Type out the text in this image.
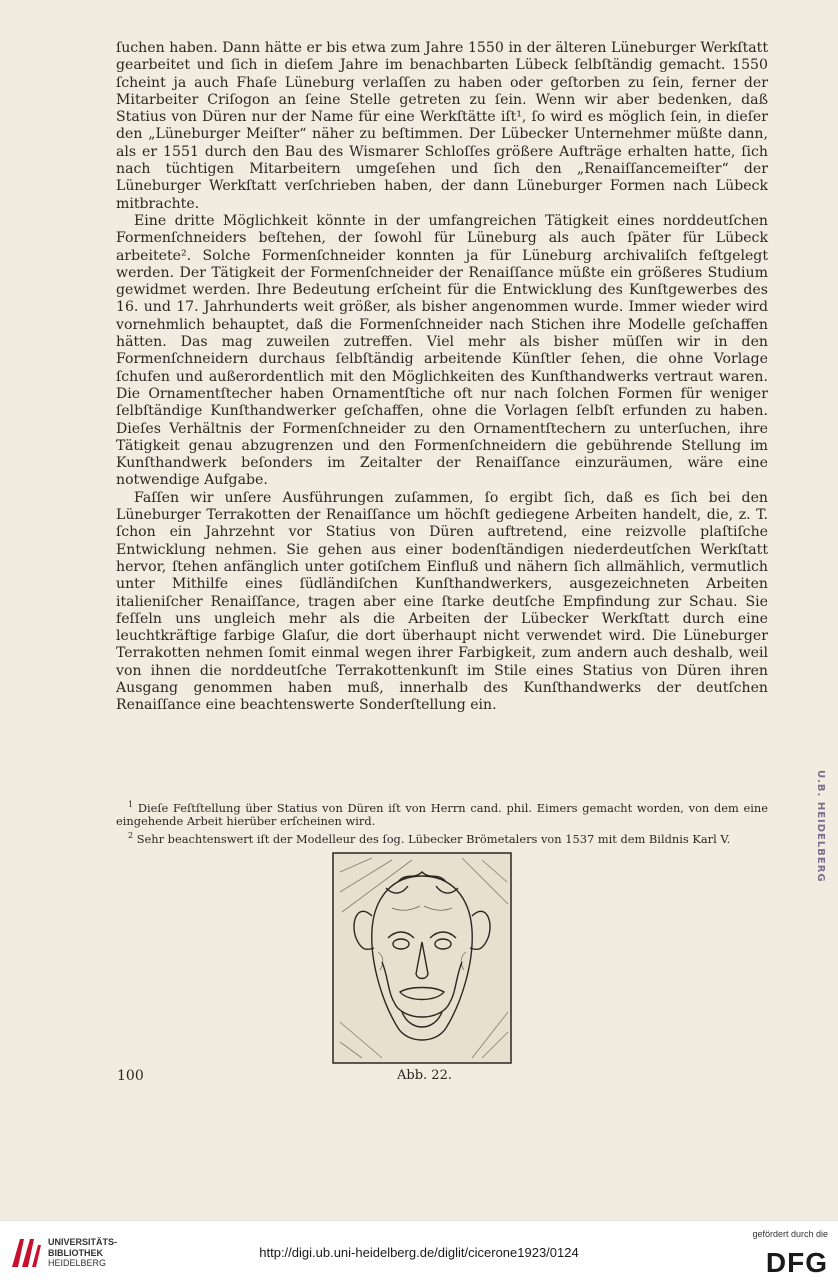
ſuchen haben. Dann hätte er bis etwa zum Jahre 1550 in der älteren Lüneburger Werkſtatt gearbeitet und ſich in dieſem Jahre im benachbarten Lübeck ſelbſtändig gemacht. 1550 ſcheint ja auch Fhaſe Lüneburg verlaſſen zu haben oder geſtorben zu ſein, ferner der Mitarbeiter Criſogon an ſeine Stelle getreten zu ſein. Wenn wir aber bedenken, daß Statius von Düren nur der Name für eine Werkſtätte iſt¹, ſo wird es möglich ſein, in dieſer den „Lüneburger Meiſter“ näher zu beſtimmen. Der Lübecker Unternehmer müßte dann, als er 1551 durch den Bau des Wismarer Schloſſes größere Aufträge erhalten hatte, ſich nach tüchtigen Mitarbeitern umgeſehen und ſich den „Renaiſſancemeiſter“ der Lüneburger Werkſtatt verſchrieben haben, der dann Lüneburger Formen nach Lübeck mitbrachte.

Eine dritte Möglichkeit könnte in der umfangreichen Tätigkeit eines norddeutſchen Formenſchneiders beſtehen, der ſowohl für Lüneburg als auch ſpäter für Lübeck arbeitete². Solche Formenſchneider konnten ja für Lüneburg archivaliſch feſtgelegt werden. Der Tätigkeit der Formenſchneider der Renaiſſance müßte ein größeres Studium gewidmet werden. Ihre Bedeutung erſcheint für die Entwicklung des Kunſtgewerbes des 16. und 17. Jahrhunderts weit größer, als bisher angenommen wurde. Immer wieder wird vornehmlich behauptet, daß die Formenſchneider nach Stichen ihre Modelle geſchaffen hätten. Das mag zuweilen zutreffen. Viel mehr als bisher müſſen wir in den Formenſchneidern durchaus ſelbſtändig arbeitende Künſtler ſehen, die ohne Vorlage ſchufen und außerordentlich mit den Möglichkeiten des Kunſthandwerks vertraut waren. Die Ornamentſtecher haben Ornamentſtiche oft nur nach ſolchen Formen für weniger ſelbſtändige Kunſthandwerker geſchaffen, ohne die Vorlagen ſelbſt erfunden zu haben. Dieſes Verhältnis der Formenſchneider zu den Ornamentſtechern zu unterſuchen, ihre Tätigkeit genau abzugrenzen und den Formenſchneidern die gebührende Stellung im Kunſthandwerk beſonders im Zeitalter der Renaiſſance einzuräumen, wäre eine notwendige Aufgabe.

Faſſen wir unſere Ausführungen zuſammen, ſo ergibt ſich, daß es ſich bei den Lüneburger Terrakotten der Renaiſſance um höchſt gediegene Arbeiten handelt, die, z. T. ſchon ein Jahrzehnt vor Statius von Düren auftretend, eine reizvolle plaſtiſche Entwicklung nehmen. Sie gehen aus einer bodenſtändigen niederdeutſchen Werkſtatt hervor, ſtehen anfänglich unter gotiſchem Einfluß und nähern ſich allmählich, vermutlich unter Mithilfe eines ſüdländiſchen Kunſthandwerkers, ausgezeichneten Arbeiten italieniſcher Renaiſſance, tragen aber eine ſtarke deutſche Empfindung zur Schau. Sie feſſeln uns ungleich mehr als die Arbeiten der Lübecker Werkſtatt durch eine leuchtkräftige farbige Glaſur, die dort überhaupt nicht verwendet wird. Die Lüneburger Terrakotten nehmen ſomit einmal wegen ihrer Farbigkeit, zum andern auch deshalb, weil von ihnen die norddeutſche Terrakottenkunſt im Stile eines Statius von Düren ihren Ausgang genommen haben muß, innerhalb des Kunſthandwerks der deutſchen Renaiſſance eine beachtenswerte Sonderſtellung ein.

$^1$ Dieſe Feſtſtellung über Statius von Düren iſt von Herrn cand. phil. Eimers gemacht worden, von dem eine eingehende Arbeit hierüber erſcheinen wird.

$^2$ Sehr beachtenswert iſt der Modelleur des ſog. Lübecker Brömetalers von 1537 mit dem Bildnis Karl V.

Abb. 22.
100
U.B. HEIDELBERG
UNIVERSITÄTS-
BIBLIOTHEK
HEIDELBERG
http://digi.ub.uni-heidelberg.de/diglit/cicerone1923/0124
gefördert durch die
DFG
